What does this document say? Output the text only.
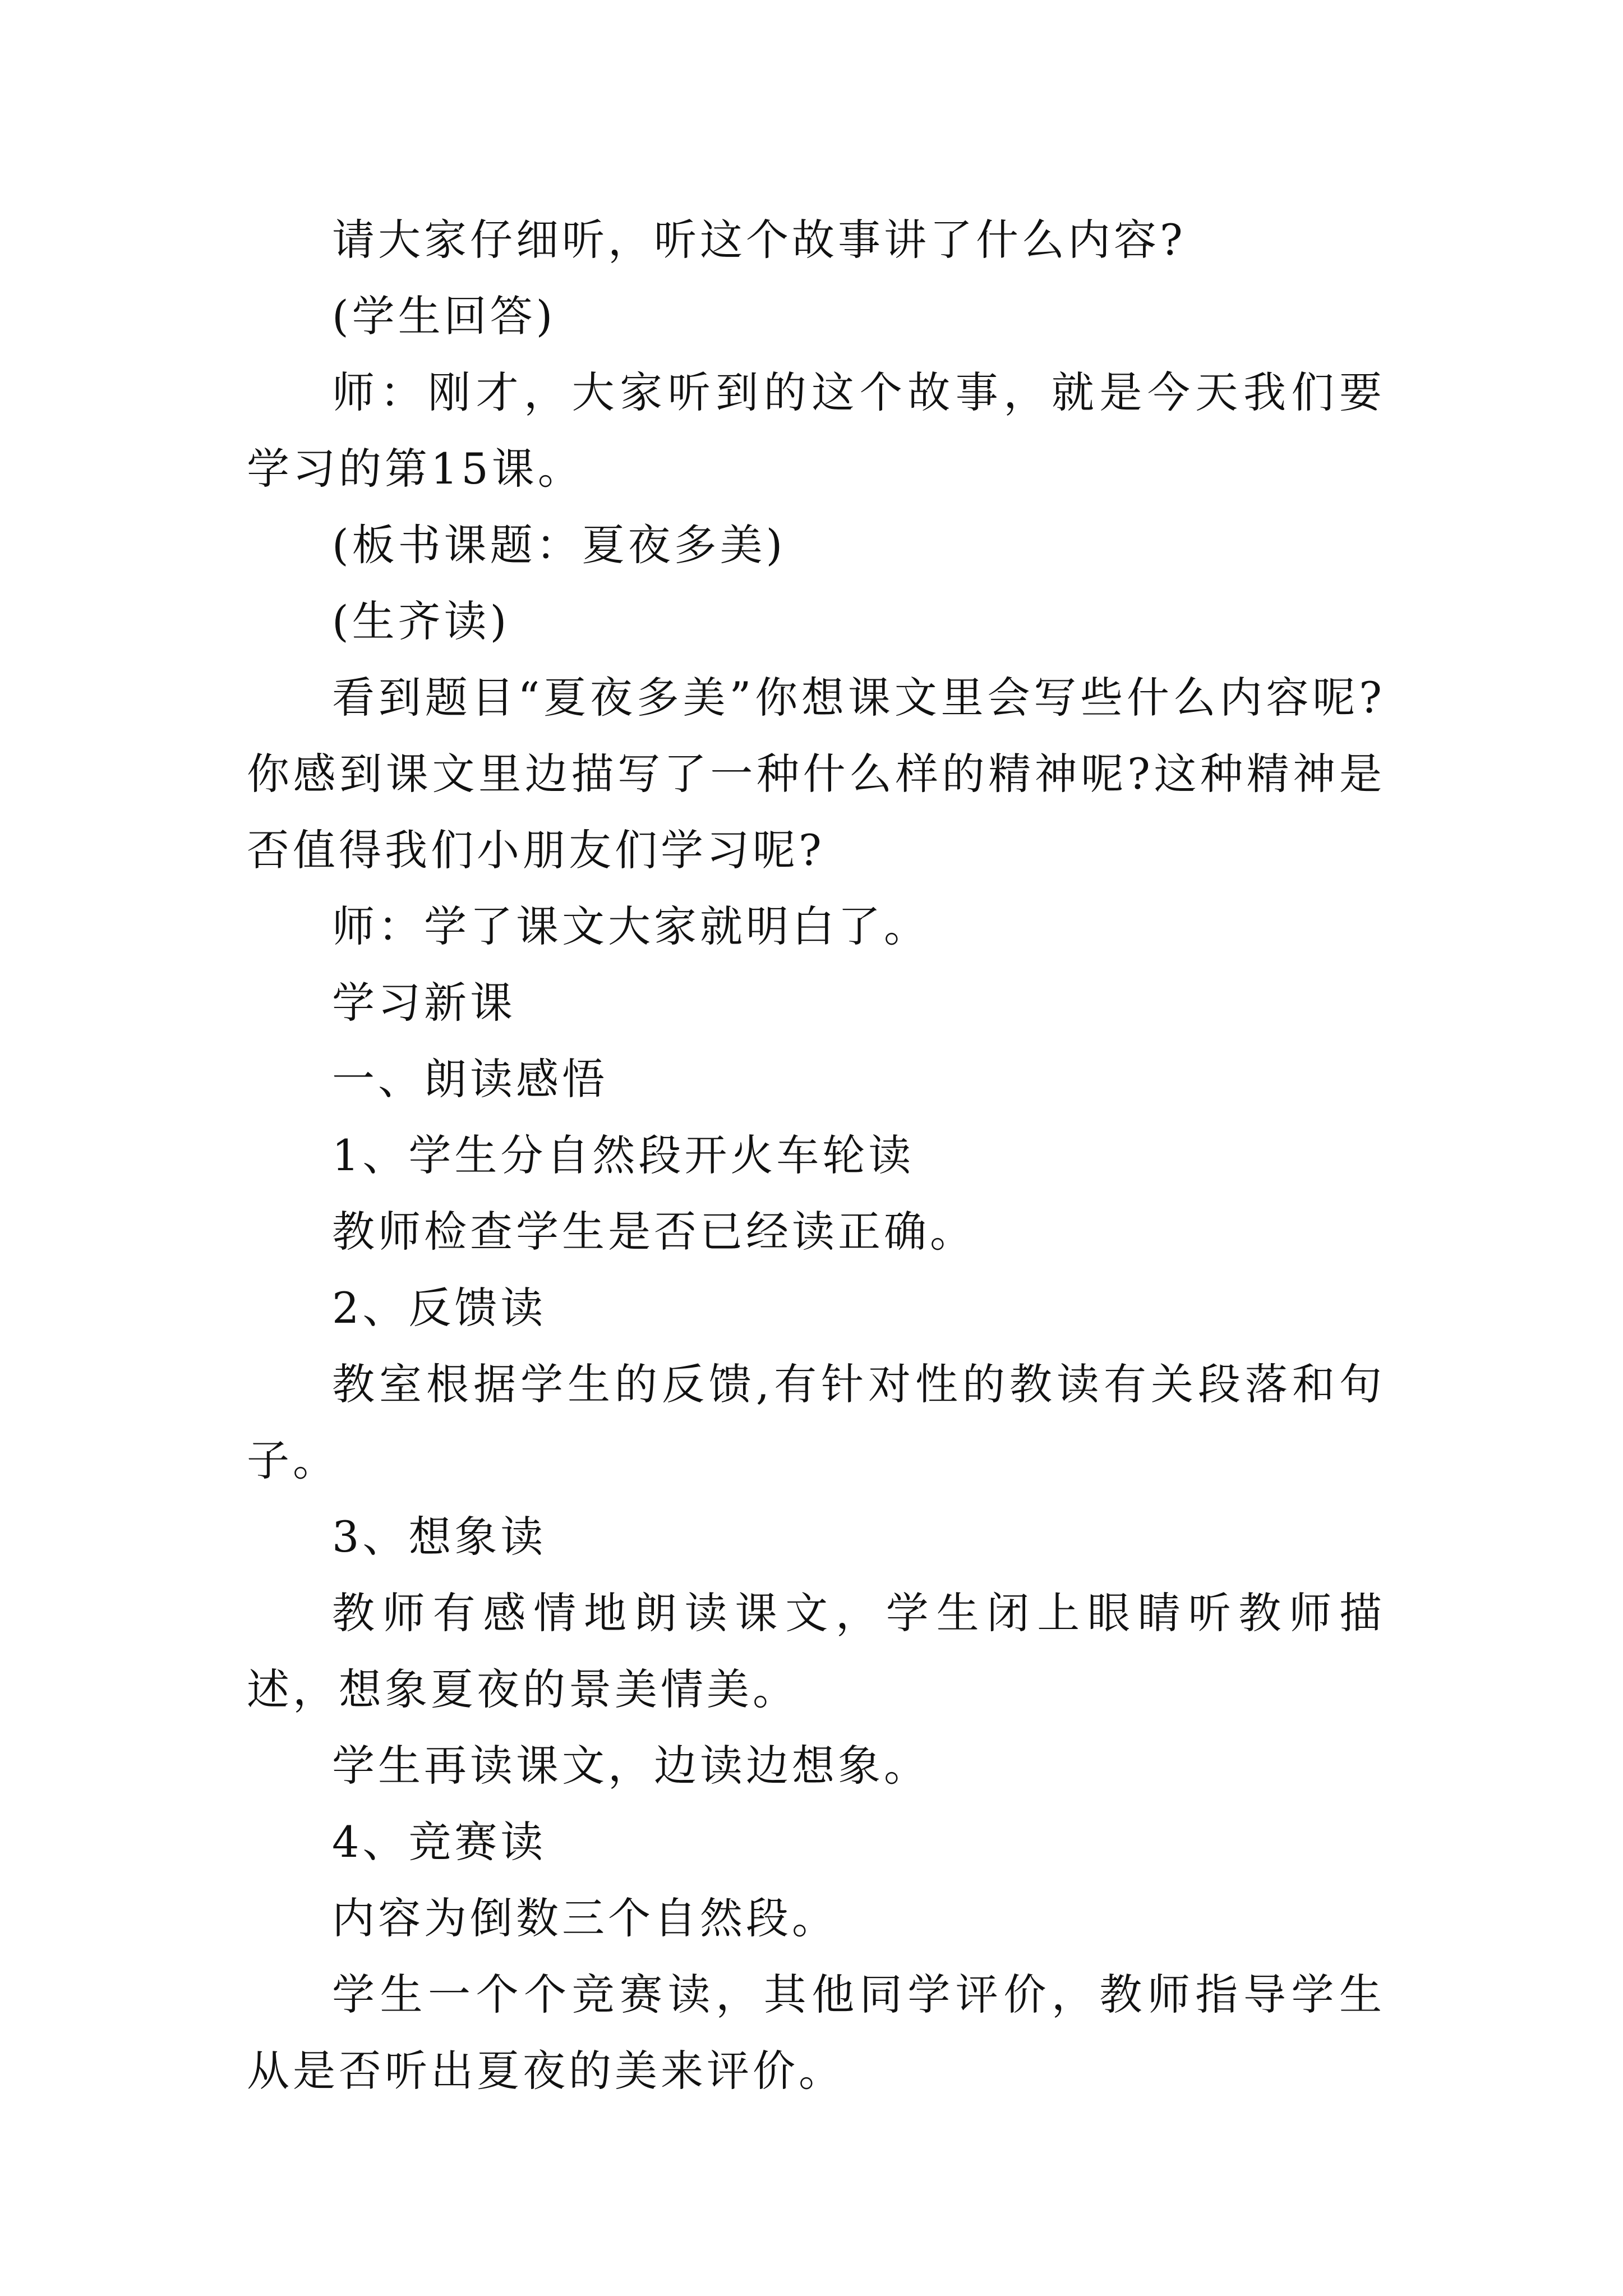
请大家仔细听，听这个故事讲了什么内容?

(学生回答)

师：刚才，大家听到的这个故事，就是今天我们要学习的第15课。

(板书课题：夏夜多美)

(生齐读)

看到题目“夏夜多美”你想课文里会写些什么内容呢?你感到课文里边描写了一种什么样的精神呢?这种精神是否值得我们小朋友们学习呢?

师：学了课文大家就明白了。

学习新课

一、朗读感悟

1、学生分自然段开火车轮读

教师检查学生是否已经读正确。

2、反馈读

教室根据学生的反馈,有针对性的教读有关段落和句子。

3、想象读

教师有感情地朗读课文，学生闭上眼睛听教师描述，想象夏夜的景美情美。

学生再读课文，边读边想象。

4、竞赛读

内容为倒数三个自然段。

学生一个个竞赛读，其他同学评价，教师指导学生从是否听出夏夜的美来评价。
